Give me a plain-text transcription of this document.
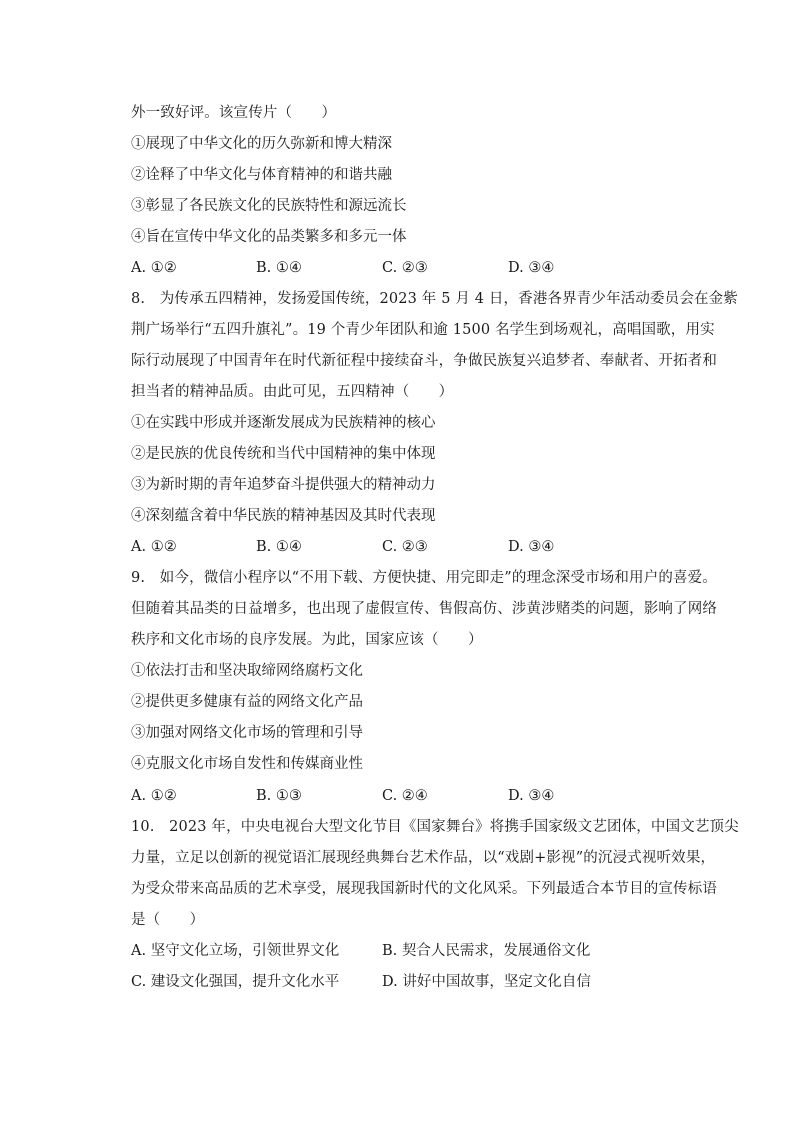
外一致好评。该宣传片（　　）
①展现了中华文化的历久弥新和博大精深
②诠释了中华文化与体育精神的和谐共融
③彰显了各民族文化的民族特性和源远流长
④旨在宣传中华文化的品类繁多和多元一体
A. ①②	B. ①④	C. ②③	D. ③④
8.　为传承五四精神，发扬爱国传统，2023 年 5 月 4 日，香港各界青少年活动委员会在金紫
荆广场举行“五四升旗礼”。19 个青少年团队和逾 1500 名学生到场观礼，高唱国歌，用实
际行动展现了中国青年在时代新征程中接续奋斗，争做民族复兴追梦者、奉献者、开拓者和
担当者的精神品质。由此可见，五四精神（　　）
①在实践中形成并逐渐发展成为民族精神的核心
②是民族的优良传统和当代中国精神的集中体现
③为新时期的青年追梦奋斗提供强大的精神动力
④深刻蕴含着中华民族的精神基因及其时代表现
A. ①②	B. ①④	C. ②③	D. ③④
9.　如今，微信小程序以“不用下载、方便快捷、用完即走”的理念深受市场和用户的喜爱。
但随着其品类的日益增多，也出现了虚假宣传、售假高仿、涉黄涉赌类的问题，影响了网络
秩序和文化市场的良序发展。为此，国家应该（　　）
①依法打击和坚决取缔网络腐朽文化
②提供更多健康有益的网络文化产品
③加强对网络文化市场的管理和引导
④克服文化市场自发性和传媒商业性
A. ①②	B. ①③	C. ②④	D. ③④
10.　2023 年，中央电视台大型文化节目《国家舞台》将携手国家级文艺团体，中国文艺顶尖
力量，立足以创新的视觉语汇展现经典舞台艺术作品，以“戏剧+影视”的沉浸式视听效果，
为受众带来高品质的艺术享受，展现我国新时代的文化风采。下列最适合本节目的宣传标语
是（　　）
A. 坚守文化立场，引领世界文化	B. 契合人民需求，发展通俗文化
C. 建设文化强国，提升文化水平	D. 讲好中国故事，坚定文化自信
